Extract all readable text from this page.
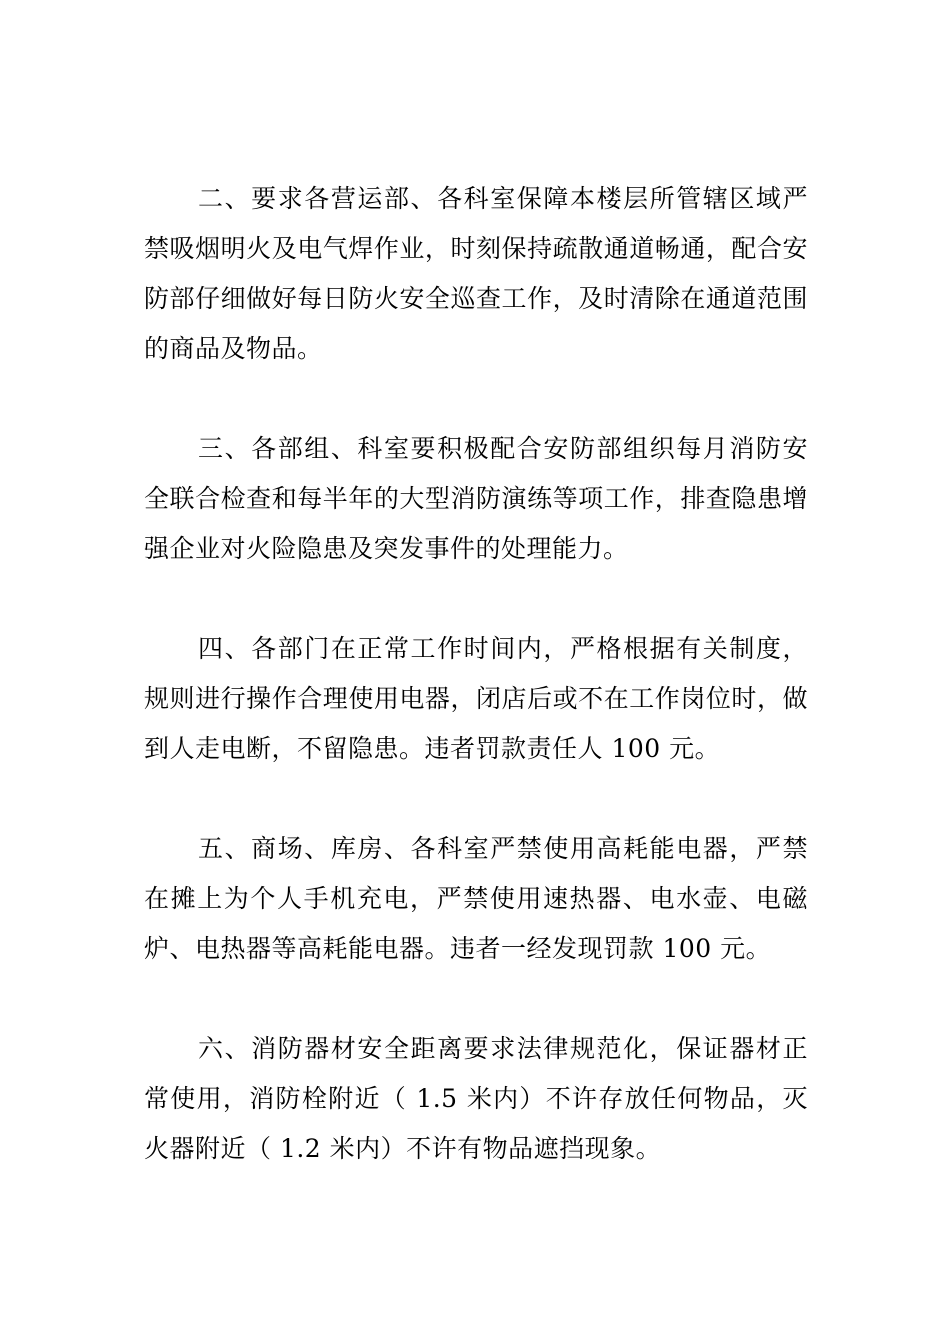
二、要求各营运部、各科室保障本楼层所管辖区域严禁吸烟明火及电气焊作业，时刻保持疏散通道畅通，配合安防部仔细做好每日防火安全巡查工作，及时清除在通道范围的商品及物品。

三、各部组、科室要积极配合安防部组织每月消防安全联合检查和每半年的大型消防演练等项工作，排查隐患增强企业对火险隐患及突发事件的处理能力。

四、各部门在正常工作时间内，严格根据有关制度，规则进行操作合理使用电器，闭店后或不在工作岗位时，做到人走电断，不留隐患。违者罚款责任人 100 元。

五、商场、库房、各科室严禁使用高耗能电器，严禁在摊上为个人手机充电，严禁使用速热器、电水壶、电磁炉、电热器等高耗能电器。违者一经发现罚款 100 元。

六、消防器材安全距离要求法律规范化，保证器材正常使用，消防栓附近（ 1.5 米内）不许存放任何物品，灭火器附近（ 1.2 米内）不许有物品遮挡现象。
